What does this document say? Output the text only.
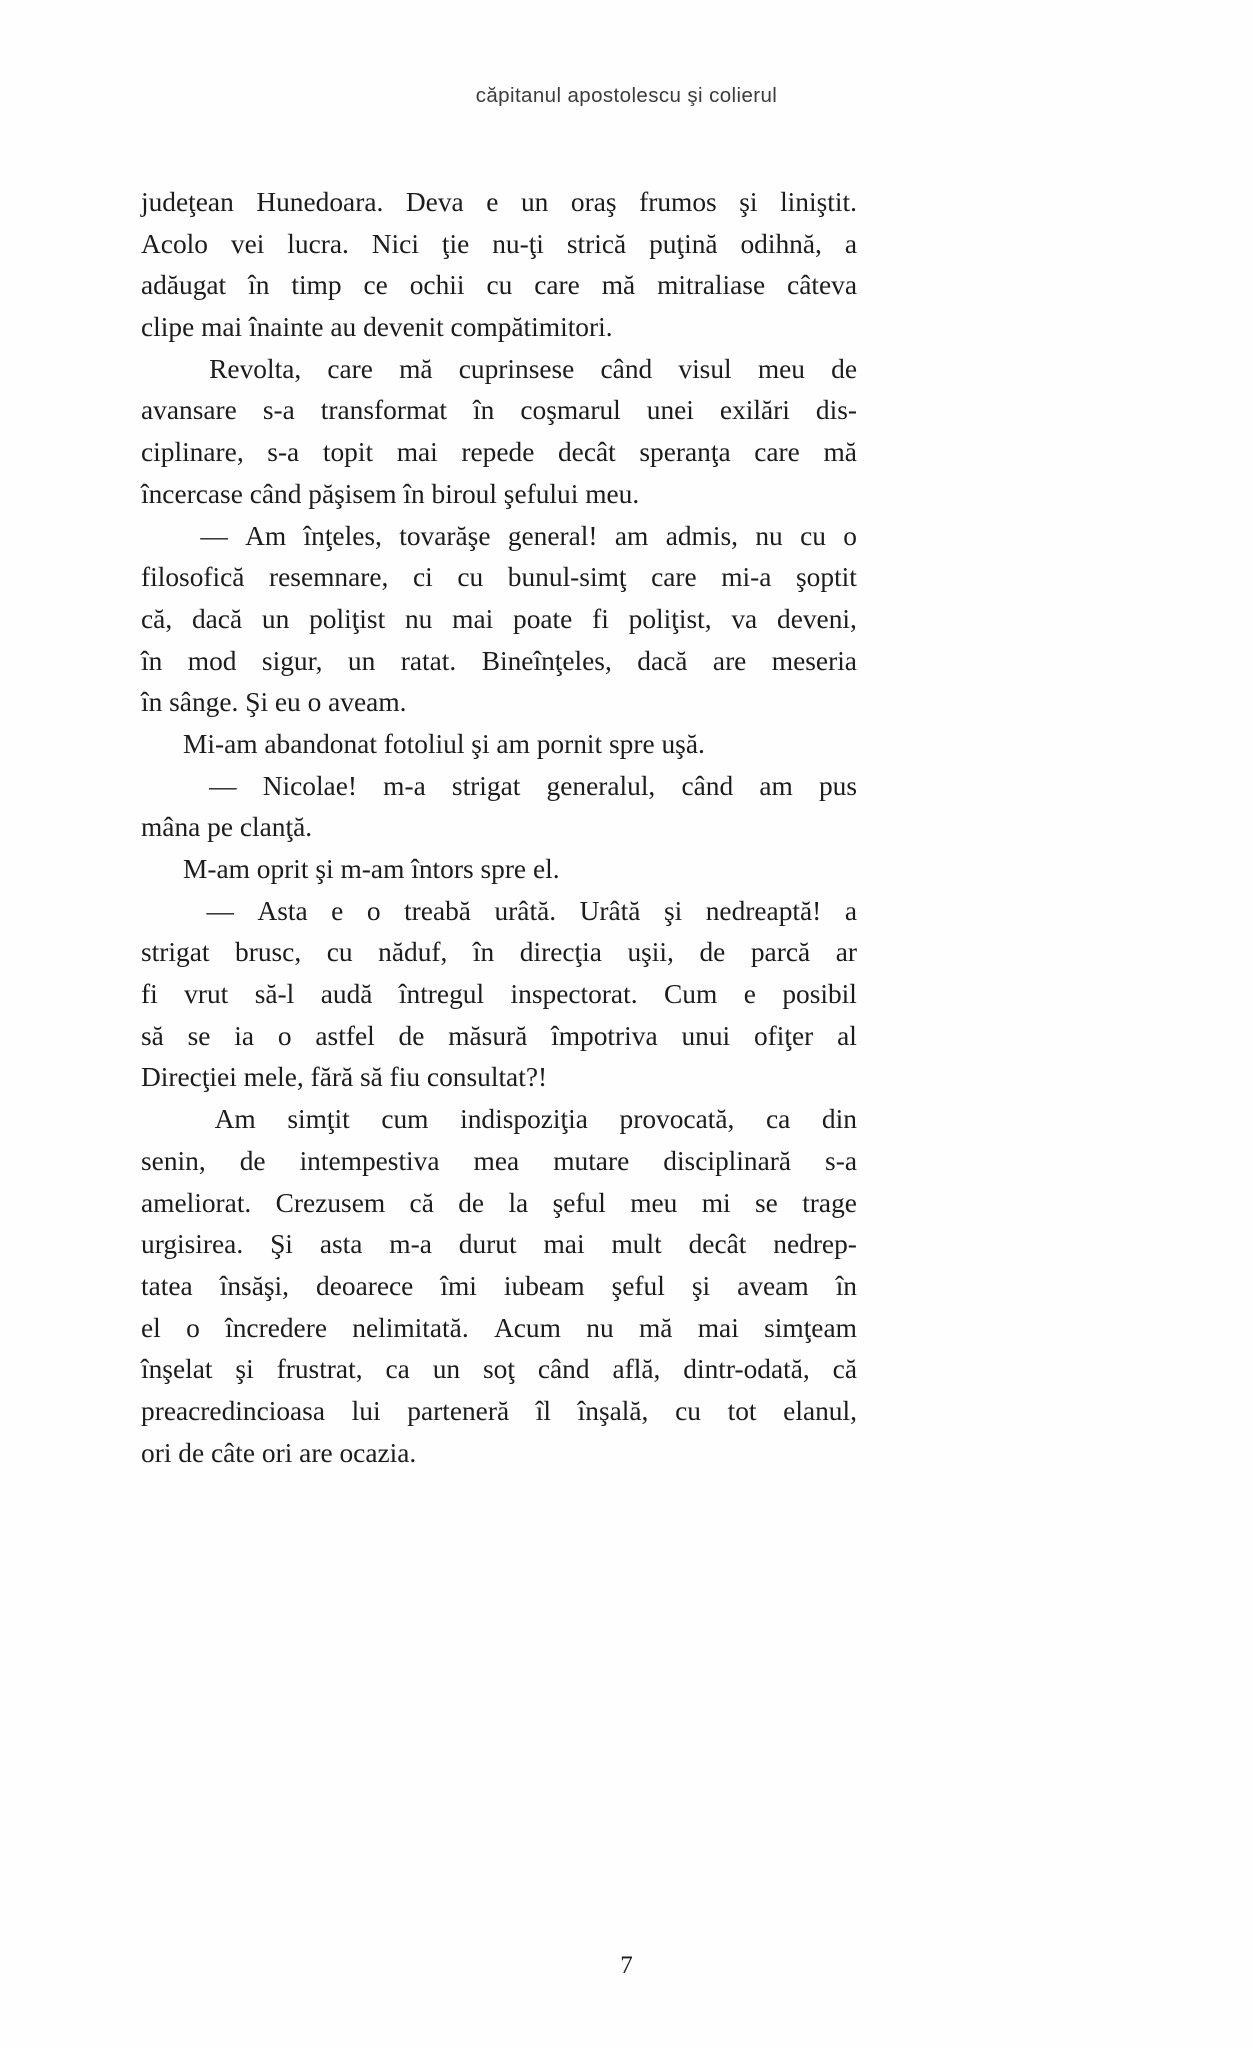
căpitanul apostolescu şi colierul
judeţean Hunedoara. Deva e un oraş frumos şi liniştit.
Acolo vei lucra. Nici ţie nu-ţi strică puţină odihnă, a
adăugat în timp ce ochii cu care mă mitraliase câteva
clipe mai înainte au devenit compătimitori.
Revolta, care mă cuprinsese când visul meu de
avansare s-a transformat în coşmarul unei exilări dis-
ciplinare, s-a topit mai repede decât speranţa care mă
încercase când păşisem în biroul şefului meu.
— Am înţeles, tovarăşe general! am admis, nu cu o
filosofică resemnare, ci cu bunul-simţ care mi-a şoptit
că, dacă un poliţist nu mai poate fi poliţist, va deveni,
în mod sigur, un ratat. Bineînţeles, dacă are meseria
în sânge. Şi eu o aveam.
Mi-am abandonat fotoliul şi am pornit spre uşă.
— Nicolae! m-a strigat generalul, când am pus
mâna pe clanţă.
M-am oprit şi m-am întors spre el.
— Asta e o treabă urâtă. Urâtă şi nedreaptă! a
strigat brusc, cu năduf, în direcţia uşii, de parcă ar
fi vrut să-l audă întregul inspectorat. Cum e posibil
să se ia o astfel de măsură împotriva unui ofiţer al
Direcţiei mele, fără să fiu consultat?!
Am simţit cum indispoziţia provocată, ca din
senin, de intempestiva mea mutare disciplinară s-a
ameliorat. Crezusem că de la şeful meu mi se trage
urgisirea. Şi asta m-a durut mai mult decât nedrep-
tatea însăşi, deoarece îmi iubeam şeful şi aveam în
el o încredere nelimitată. Acum nu mă mai simţeam
înşelat şi frustrat, ca un soţ când află, dintr-odată, că
preacredincioasa lui parteneră îl înşală, cu tot elanul,
ori de câte ori are ocazia.
7
